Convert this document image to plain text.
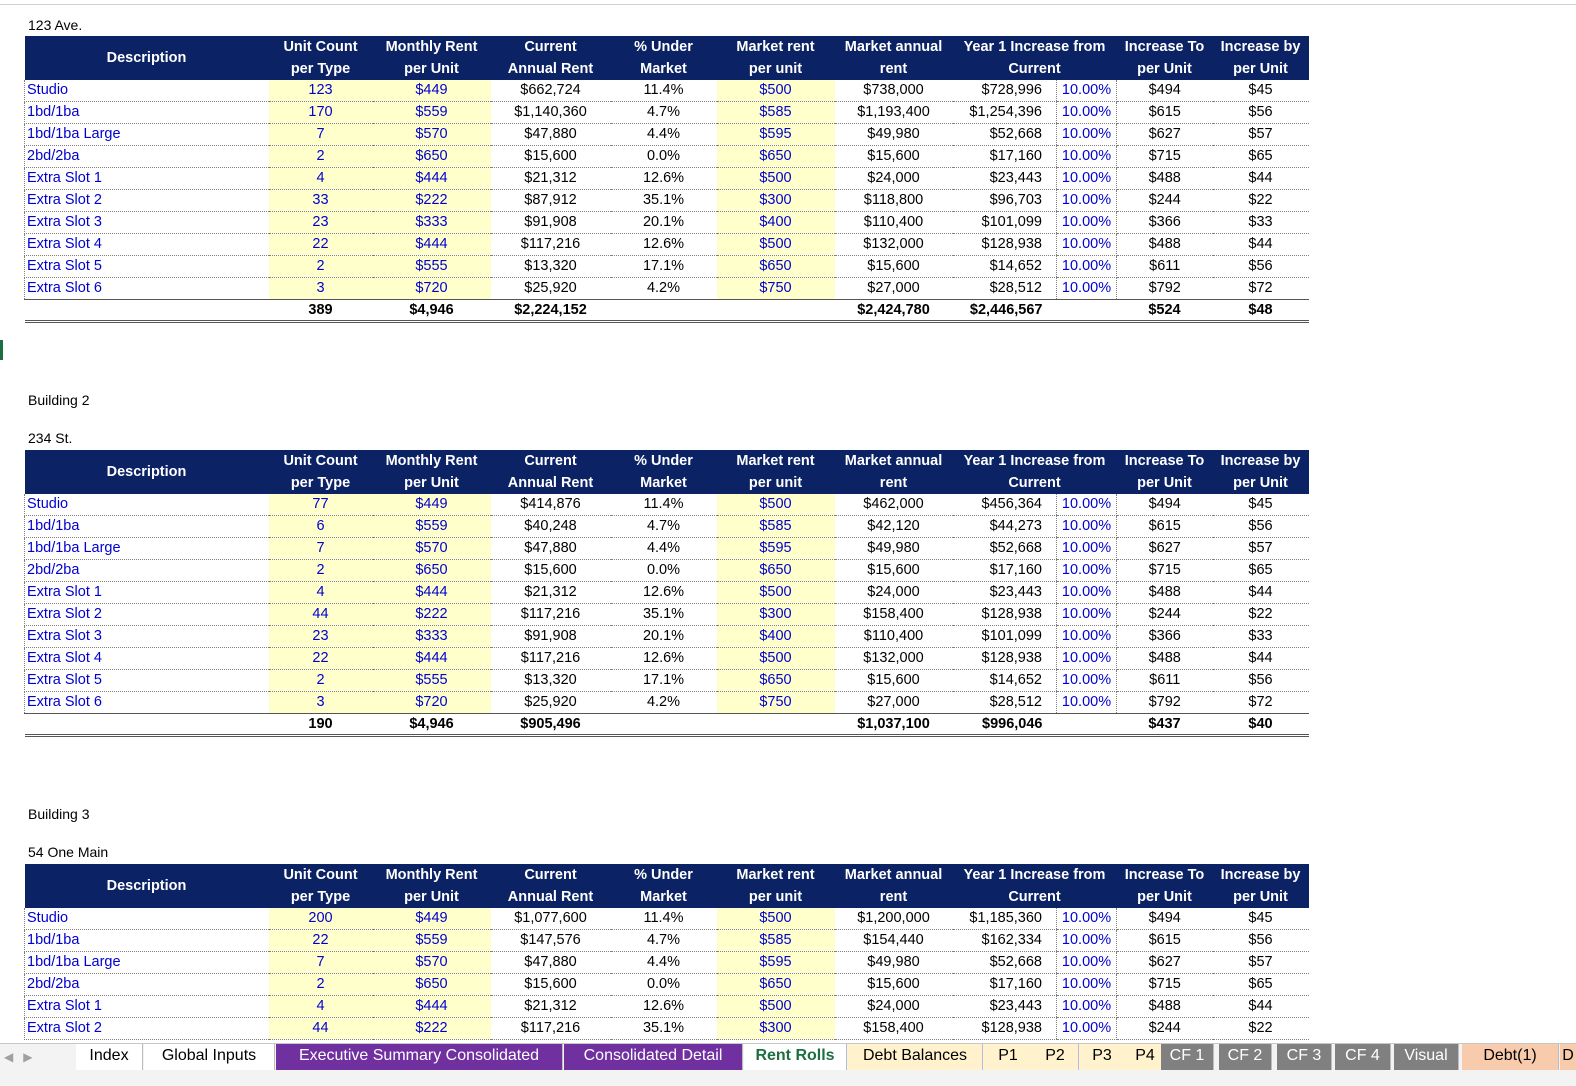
123 Ave.
Description	Unit Count	Monthly Rent	Current	% Under	Market rent	Market annual	Year 1 Increase from		Increase To	Increase by
	per Type	per Unit	Annual Rent	Market	per unit	rent	Current		per Unit	per Unit
Studio	123	$449	$662,724	11.4%	$500	$738,000	$728,996	10.00%	$494	$45
1bd/1ba	170	$559	$1,140,360	4.7%	$585	$1,193,400	$1,254,396	10.00%	$615	$56
1bd/1ba Large	7	$570	$47,880	4.4%	$595	$49,980	$52,668	10.00%	$627	$57
2bd/2ba	2	$650	$15,600	0.0%	$650	$15,600	$17,160	10.00%	$715	$65
Extra Slot 1	4	$444	$21,312	12.6%	$500	$24,000	$23,443	10.00%	$488	$44
Extra Slot 2	33	$222	$87,912	35.1%	$300	$118,800	$96,703	10.00%	$244	$22
Extra Slot 3	23	$333	$91,908	20.1%	$400	$110,400	$101,099	10.00%	$366	$33
Extra Slot 4	22	$444	$117,216	12.6%	$500	$132,000	$128,938	10.00%	$488	$44
Extra Slot 5	2	$555	$13,320	17.1%	$650	$15,600	$14,652	10.00%	$611	$56
Extra Slot 6	3	$720	$25,920	4.2%	$750	$27,000	$28,512	10.00%	$792	$72
	389	$4,946	$2,224,152			$2,424,780	$2,446,567		$524	$48
Building 2
234 St.
Description	Unit Count	Monthly Rent	Current	% Under	Market rent	Market annual	Year 1 Increase from		Increase To	Increase by
	per Type	per Unit	Annual Rent	Market	per unit	rent	Current		per Unit	per Unit
Studio	77	$449	$414,876	11.4%	$500	$462,000	$456,364	10.00%	$494	$45
1bd/1ba	6	$559	$40,248	4.7%	$585	$42,120	$44,273	10.00%	$615	$56
1bd/1ba Large	7	$570	$47,880	4.4%	$595	$49,980	$52,668	10.00%	$627	$57
2bd/2ba	2	$650	$15,600	0.0%	$650	$15,600	$17,160	10.00%	$715	$65
Extra Slot 1	4	$444	$21,312	12.6%	$500	$24,000	$23,443	10.00%	$488	$44
Extra Slot 2	44	$222	$117,216	35.1%	$300	$158,400	$128,938	10.00%	$244	$22
Extra Slot 3	23	$333	$91,908	20.1%	$400	$110,400	$101,099	10.00%	$366	$33
Extra Slot 4	22	$444	$117,216	12.6%	$500	$132,000	$128,938	10.00%	$488	$44
Extra Slot 5	2	$555	$13,320	17.1%	$650	$15,600	$14,652	10.00%	$611	$56
Extra Slot 6	3	$720	$25,920	4.2%	$750	$27,000	$28,512	10.00%	$792	$72
	190	$4,946	$905,496			$1,037,100	$996,046		$437	$40
Building 3
54 One Main
Description	Unit Count	Monthly Rent	Current	% Under	Market rent	Market annual	Year 1 Increase from		Increase To	Increase by
	per Type	per Unit	Annual Rent	Market	per unit	rent	Current		per Unit	per Unit
Studio	200	$449	$1,077,600	11.4%	$500	$1,200,000	$1,185,360	10.00%	$494	$45
1bd/1ba	22	$559	$147,576	4.7%	$585	$154,440	$162,334	10.00%	$615	$56
1bd/1ba Large	7	$570	$47,880	4.4%	$595	$49,980	$52,668	10.00%	$627	$57
2bd/2ba	2	$650	$15,600	0.0%	$650	$15,600	$17,160	10.00%	$715	$65
Extra Slot 1	4	$444	$21,312	12.6%	$500	$24,000	$23,443	10.00%	$488	$44
Extra Slot 2	44	$222	$117,216	35.1%	$300	$158,400	$128,938	10.00%	$244	$22
◀ ▶	Index	Global Inputs	Executive Summary Consolidated	Consolidated Detail	Rent Rolls	Debt Balances	P1	P2	P3	P4 CF 1	CF 2	CF 3	CF 4	Visual	Debt(1)	D
